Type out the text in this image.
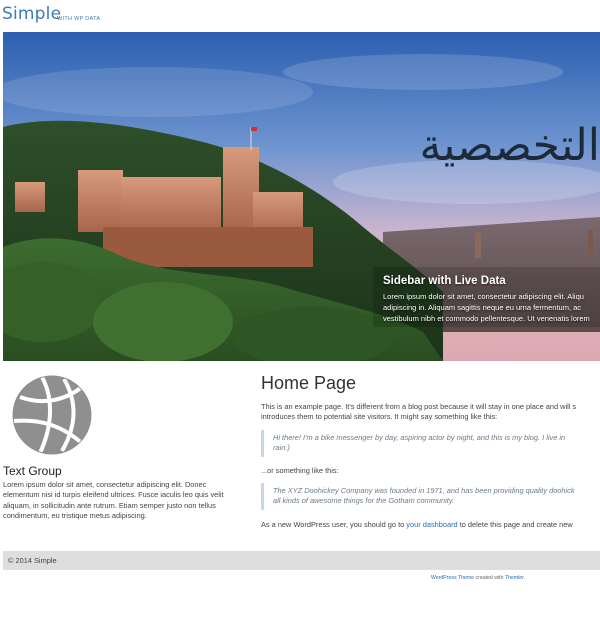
Simple
WITH WP DATA
التخصصية

Sidebar with Live Data

Lorem ipsum dolor sit amet, consectetur adipiscing elit. Aliqu

adipiscing in. Aliquam sagittis neque eu urna fermentum, ac

vestibulum nibh et commodo pellentesque. Ut venenatis lorem

Text Group
Lorem ipsum dolor sit amet, consectetur adipiscing elit. Donec elementum nisi id turpis eleifend ultrices. Fusce iaculis leo quis velit aliquam, in sollicitudin ante rutrum. Etiam semper justo non tellus condimentum, eu tristique metus adipiscing.
Home Page

This is an example page. It's different from a blog post because it will stay in one place and will s

introduces them to potential site visitors. It might say something like this:

Hi there! I'm a bike messenger by day, aspiring actor by night, and this is my blog. I live in
rain.)

...or something like this:

The XYZ Doohickey Company was founded in 1971, and has been providing quality doohick
all kinds of awesome things for the Gotham community.

As a new WordPress user, you should go to your dashboard to delete this page and create new

© 2014 Simple
WordPress Theme created with Themler.
